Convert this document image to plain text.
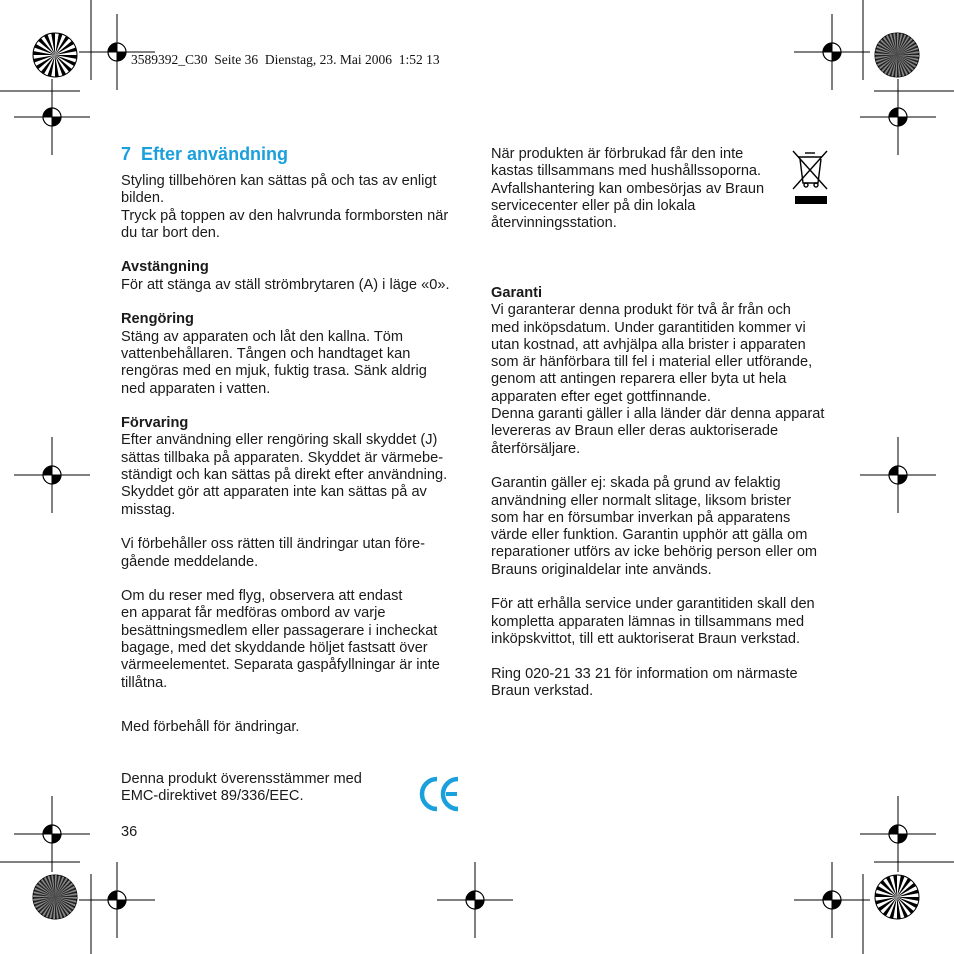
3589392_C30  Seite 36  Dienstag, 23. Mai 2006  1:52 13
7 Efter användning

Styling tillbehören kan sättas på och tas av enligt

bilden.

Tryck på toppen av den halvrunda formborsten när

du tar bort den.

Avstängning

För att stänga av ställ strömbrytaren (A) i läge «0».

Rengöring

Stäng av apparaten och låt den kallna. Töm

vattenbehållaren. Tången och handtaget kan

rengöras med en mjuk, fuktig trasa. Sänk aldrig

ned apparaten i vatten.

Förvaring

Efter användning eller rengöring skall skyddet (J)

sättas tillbaka på apparaten. Skyddet är värmebe-

ständigt och kan sättas på direkt efter användning.

Skyddet gör att apparaten inte kan sättas på av

misstag.

Vi förbehåller oss rätten till ändringar utan före-

gående meddelande.

Om du reser med flyg, observera att endast

en apparat får medföras ombord av varje

besättningsmedlem eller passagerare i incheckat

bagage, med det skyddande höljet fastsatt över

värmeelementet. Separata gaspåfyllningar är inte

tillåtna.

Med förbehåll för ändringar.

Denna produkt överensstämmer med

EMC-direktivet 89/336/EEC.

36

När produkten är förbrukad får den inte

kastas tillsammans med hushållssoporna.

Avfallshantering kan ombesörjas av Braun

servicecenter eller på din lokala

återvinningsstation.

Garanti

Vi garanterar denna produkt för två år från och

med inköpsdatum. Under garantitiden kommer vi

utan kostnad, att avhjälpa alla brister i apparaten

som är hänförbara till fel i material eller utförande,

genom att antingen reparera eller byta ut hela

apparaten efter eget gottfinnande.

Denna garanti gäller i alla länder där denna apparat

levereras av Braun eller deras auktoriserade

återförsäljare.

Garantin gäller ej: skada på grund av felaktig

användning eller normalt slitage, liksom brister

som har en försumbar inverkan på apparatens

värde eller funktion. Garantin upphör att gälla om

reparationer utförs av icke behörig person eller om

Brauns originaldelar inte används.

För att erhålla service under garantitiden skall den

kompletta apparaten lämnas in tillsammans med

inköpskvittot, till ett auktoriserat Braun verkstad.

Ring 020-21 33 21 för information om närmaste

Braun verkstad.
